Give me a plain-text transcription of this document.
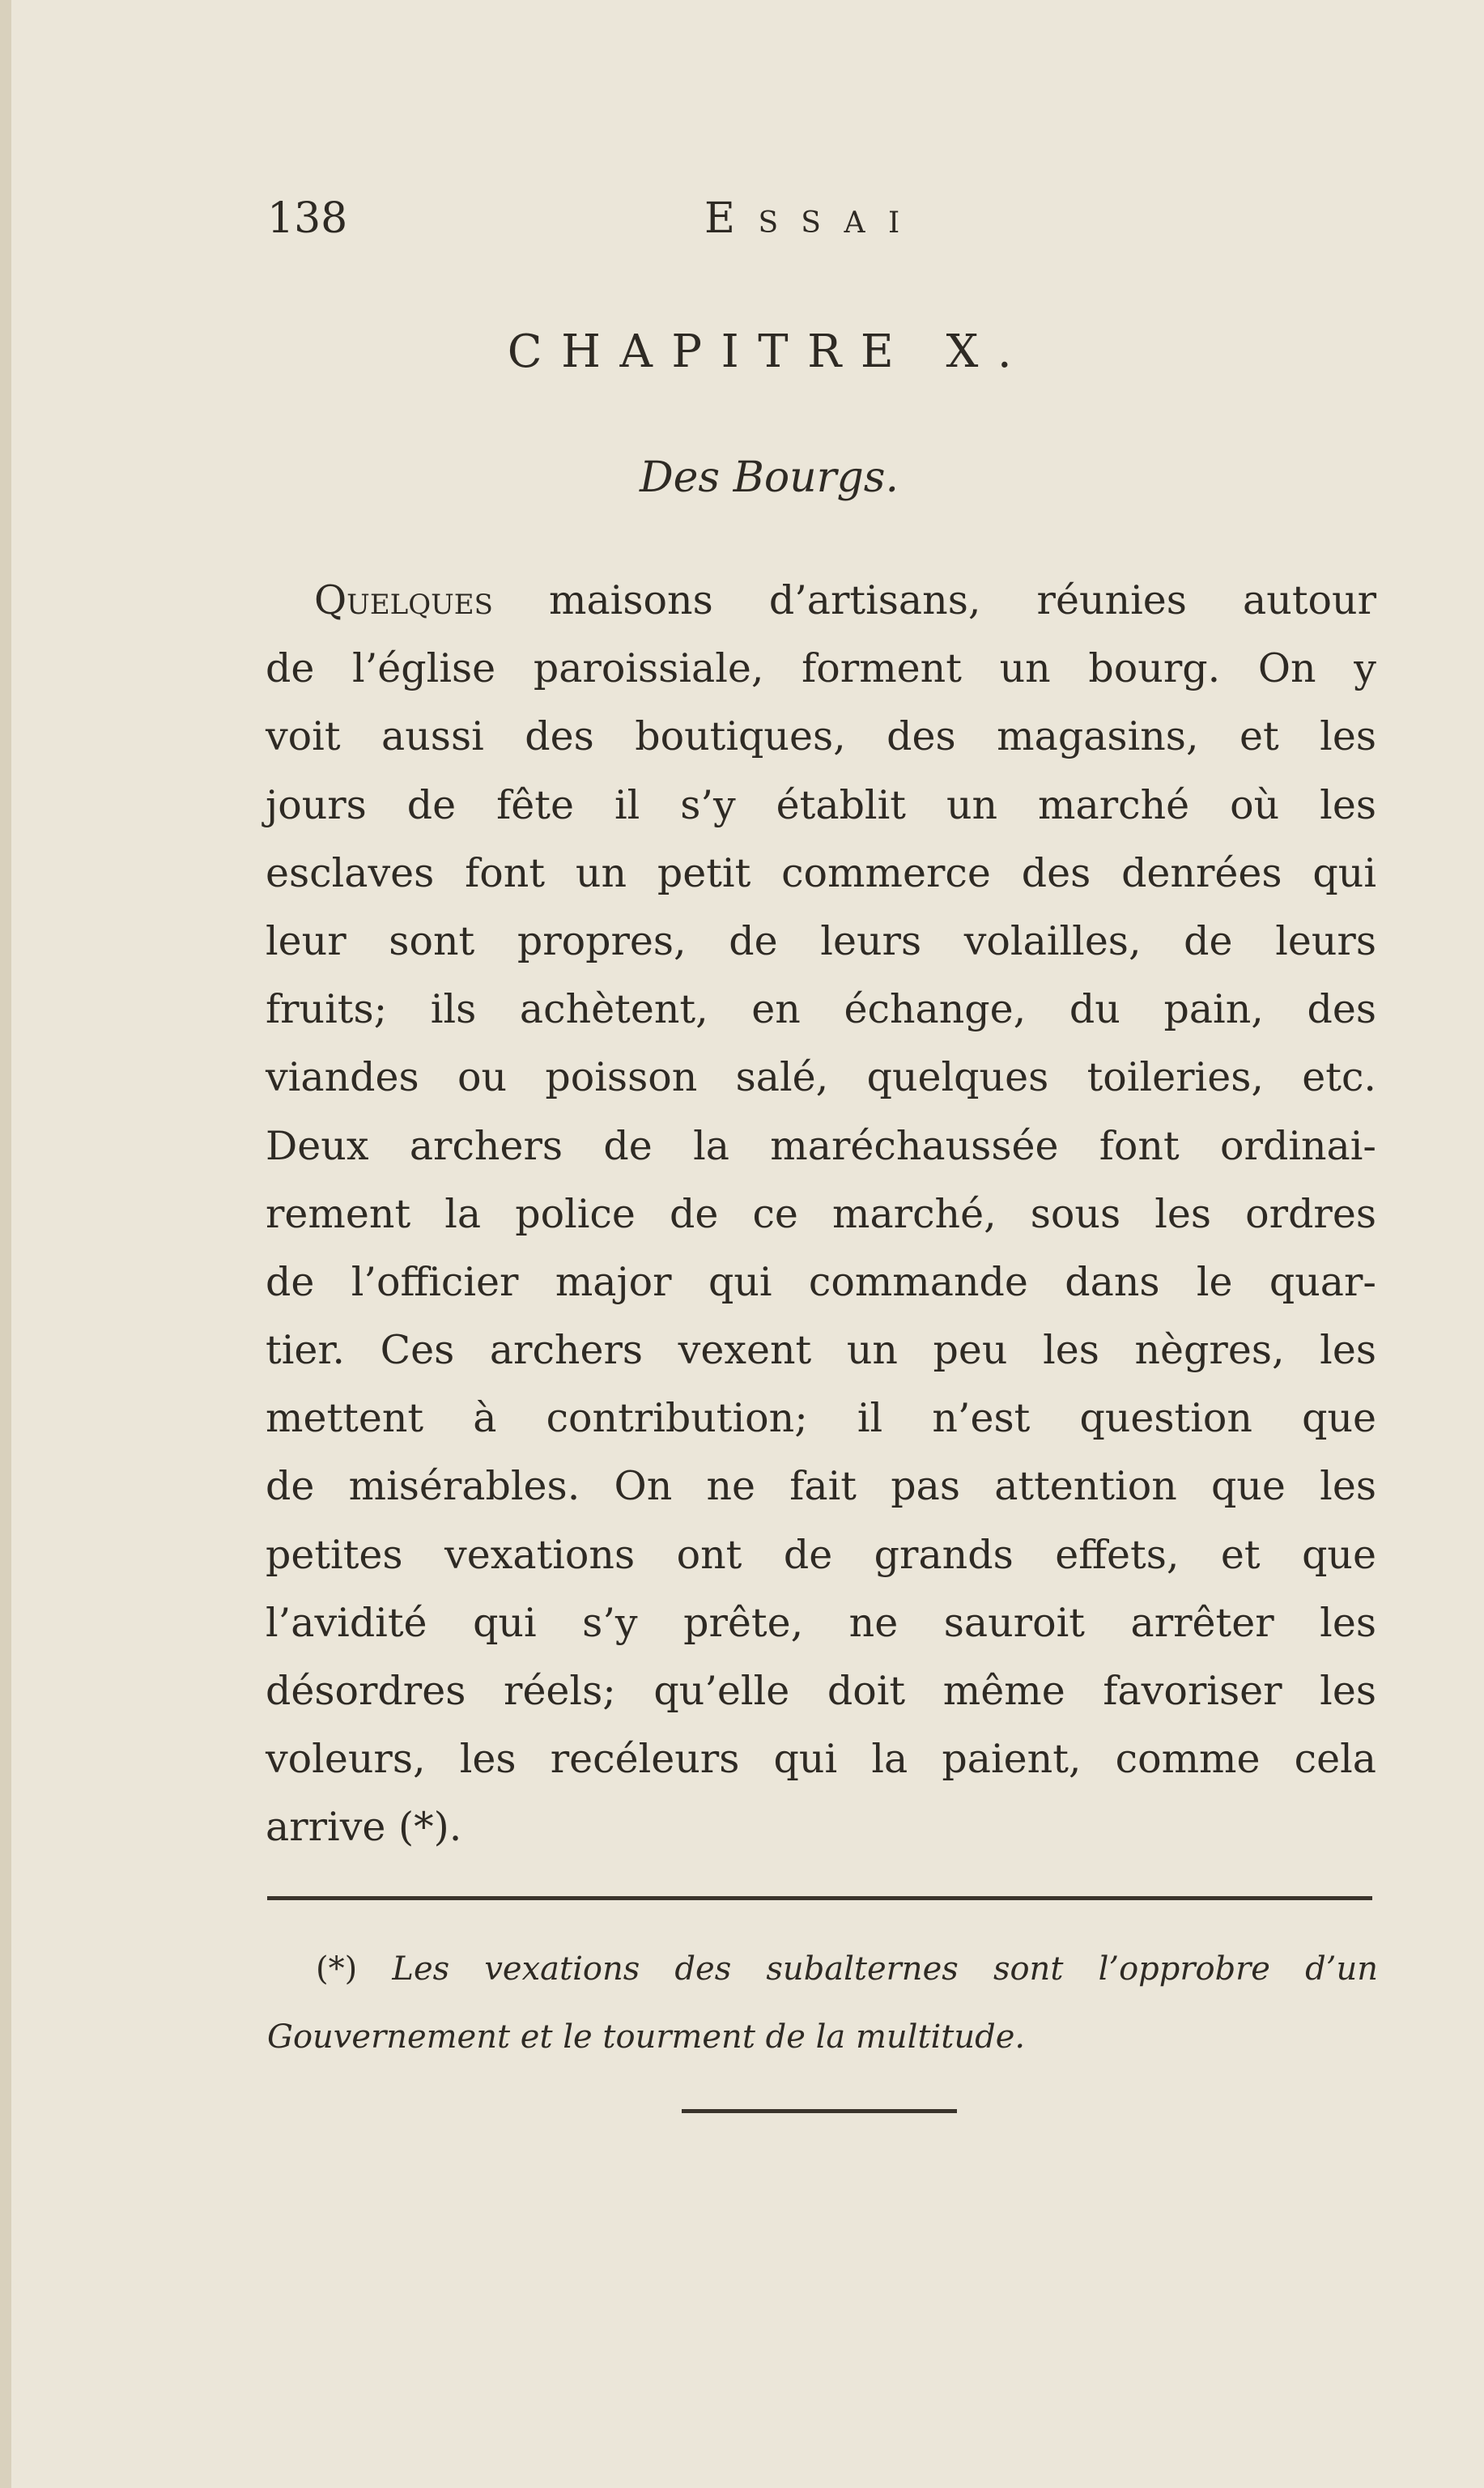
138	Essai
CHAPITRE X.
Des Bourgs.
Quelques maisons d’artisans, réunies autour
de l’église paroissiale, forment un bourg. On y
voit aussi des boutiques, des magasins, et les
jours de fête il s’y établit un marché où les
esclaves font un petit commerce des denrées qui
leur sont propres, de leurs volailles, de leurs
fruits; ils achètent, en échange, du pain, des
viandes ou poisson salé, quelques toileries, etc.
Deux archers de la maréchaussée font ordinai-
rement la police de ce marché, sous les ordres
de l’officier major qui commande dans le quar-
tier. Ces archers vexent un peu les nègres, les
mettent à contribution; il n’est question que
de misérables. On ne fait pas attention que les
petites vexations ont de grands effets, et que
l’avidité qui s’y prête, ne sauroit arrêter les
désordres réels; qu’elle doit même favoriser les
voleurs, les recéleurs qui la paient, comme cela
arrive (*).
(*) Les vexations des subalternes sont l’opprobre d’un
Gouvernement et le tourment de la multitude.
